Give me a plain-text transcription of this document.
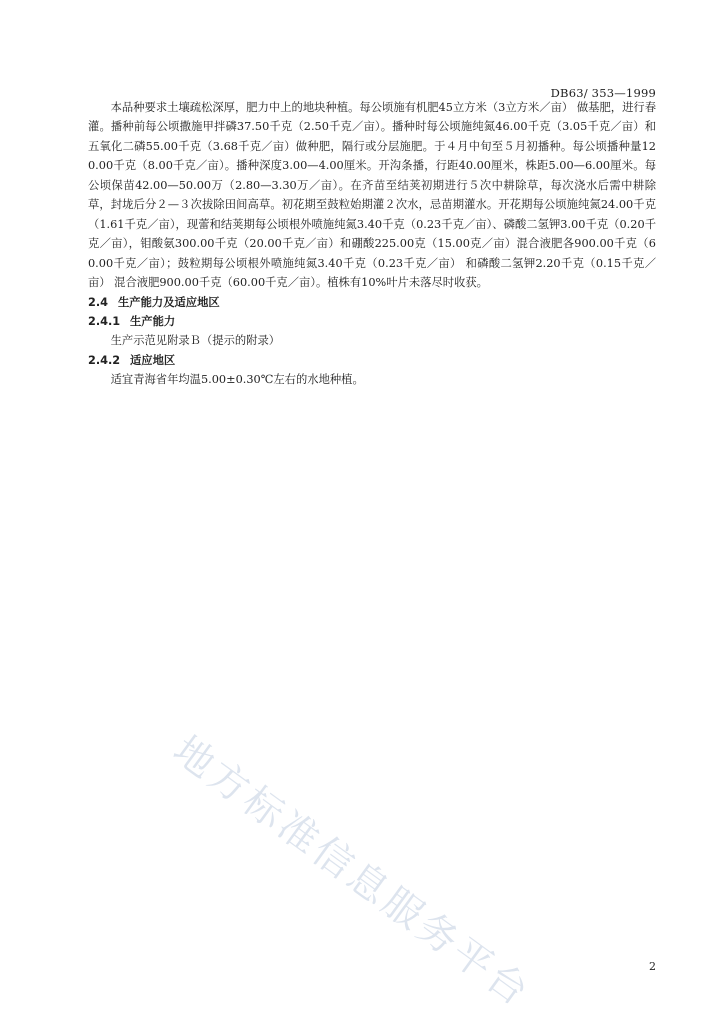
DB63/ 353—1999

本品种要求土壤疏松深厚，肥力中上的地块种植。每公顷施有机肥45立方米（3立方米／亩） 做基肥，进行春灌。播种前每公顷撒施甲拌磷37.50千克（2.50千克／亩）。播种时每公顷施纯氮46.00千克（3.05千克／亩）和五氧化二磷55.00千克（3.68千克／亩）做种肥，隔行或分层施肥。于４月中旬至５月初播种。每公顷播种量120.00千克（8.00千克／亩）。播种深度3.00—4.00厘米。开沟条播，行距40.00厘米，株距5.00—6.00厘米。每公顷保苗42.00—50.00万（2.80—3.30万／亩）。在齐苗至结荚初期进行５次中耕除草，每次浇水后需中耕除草，封垅后分２—３次拔除田间高草。初花期至鼓粒始期灌２次水，忌苗期灌水。开花期每公顷施纯氮24.00千克（1.61千克／亩），现蕾和结荚期每公顷根外喷施纯氮3.40千克（0.23千克／亩）、磷酸二氢钾3.00千克（0.20千克／亩），钼酸氨300.00千克（20.00千克／亩）和硼酸225.00克（15.00克／亩）混合液肥各900.00千克（60.00千克／亩）；鼓粒期每公顷根外喷施纯氮3.40千克（0.23千克／亩） 和磷酸二氢钾2.20千克（0.15千克／亩） 混合液肥900.00千克（60.00千克／亩）。植株有10%叶片未落尽时收获。

2.4 生产能力及适应地区
2.4.1 生产能力

生产示范见附录Ｂ（提示的附录）

2.4.2 适应地区

适宜青海省年均温5.00±0.30℃左右的水地种植。

地方标准信息服务平台	2
